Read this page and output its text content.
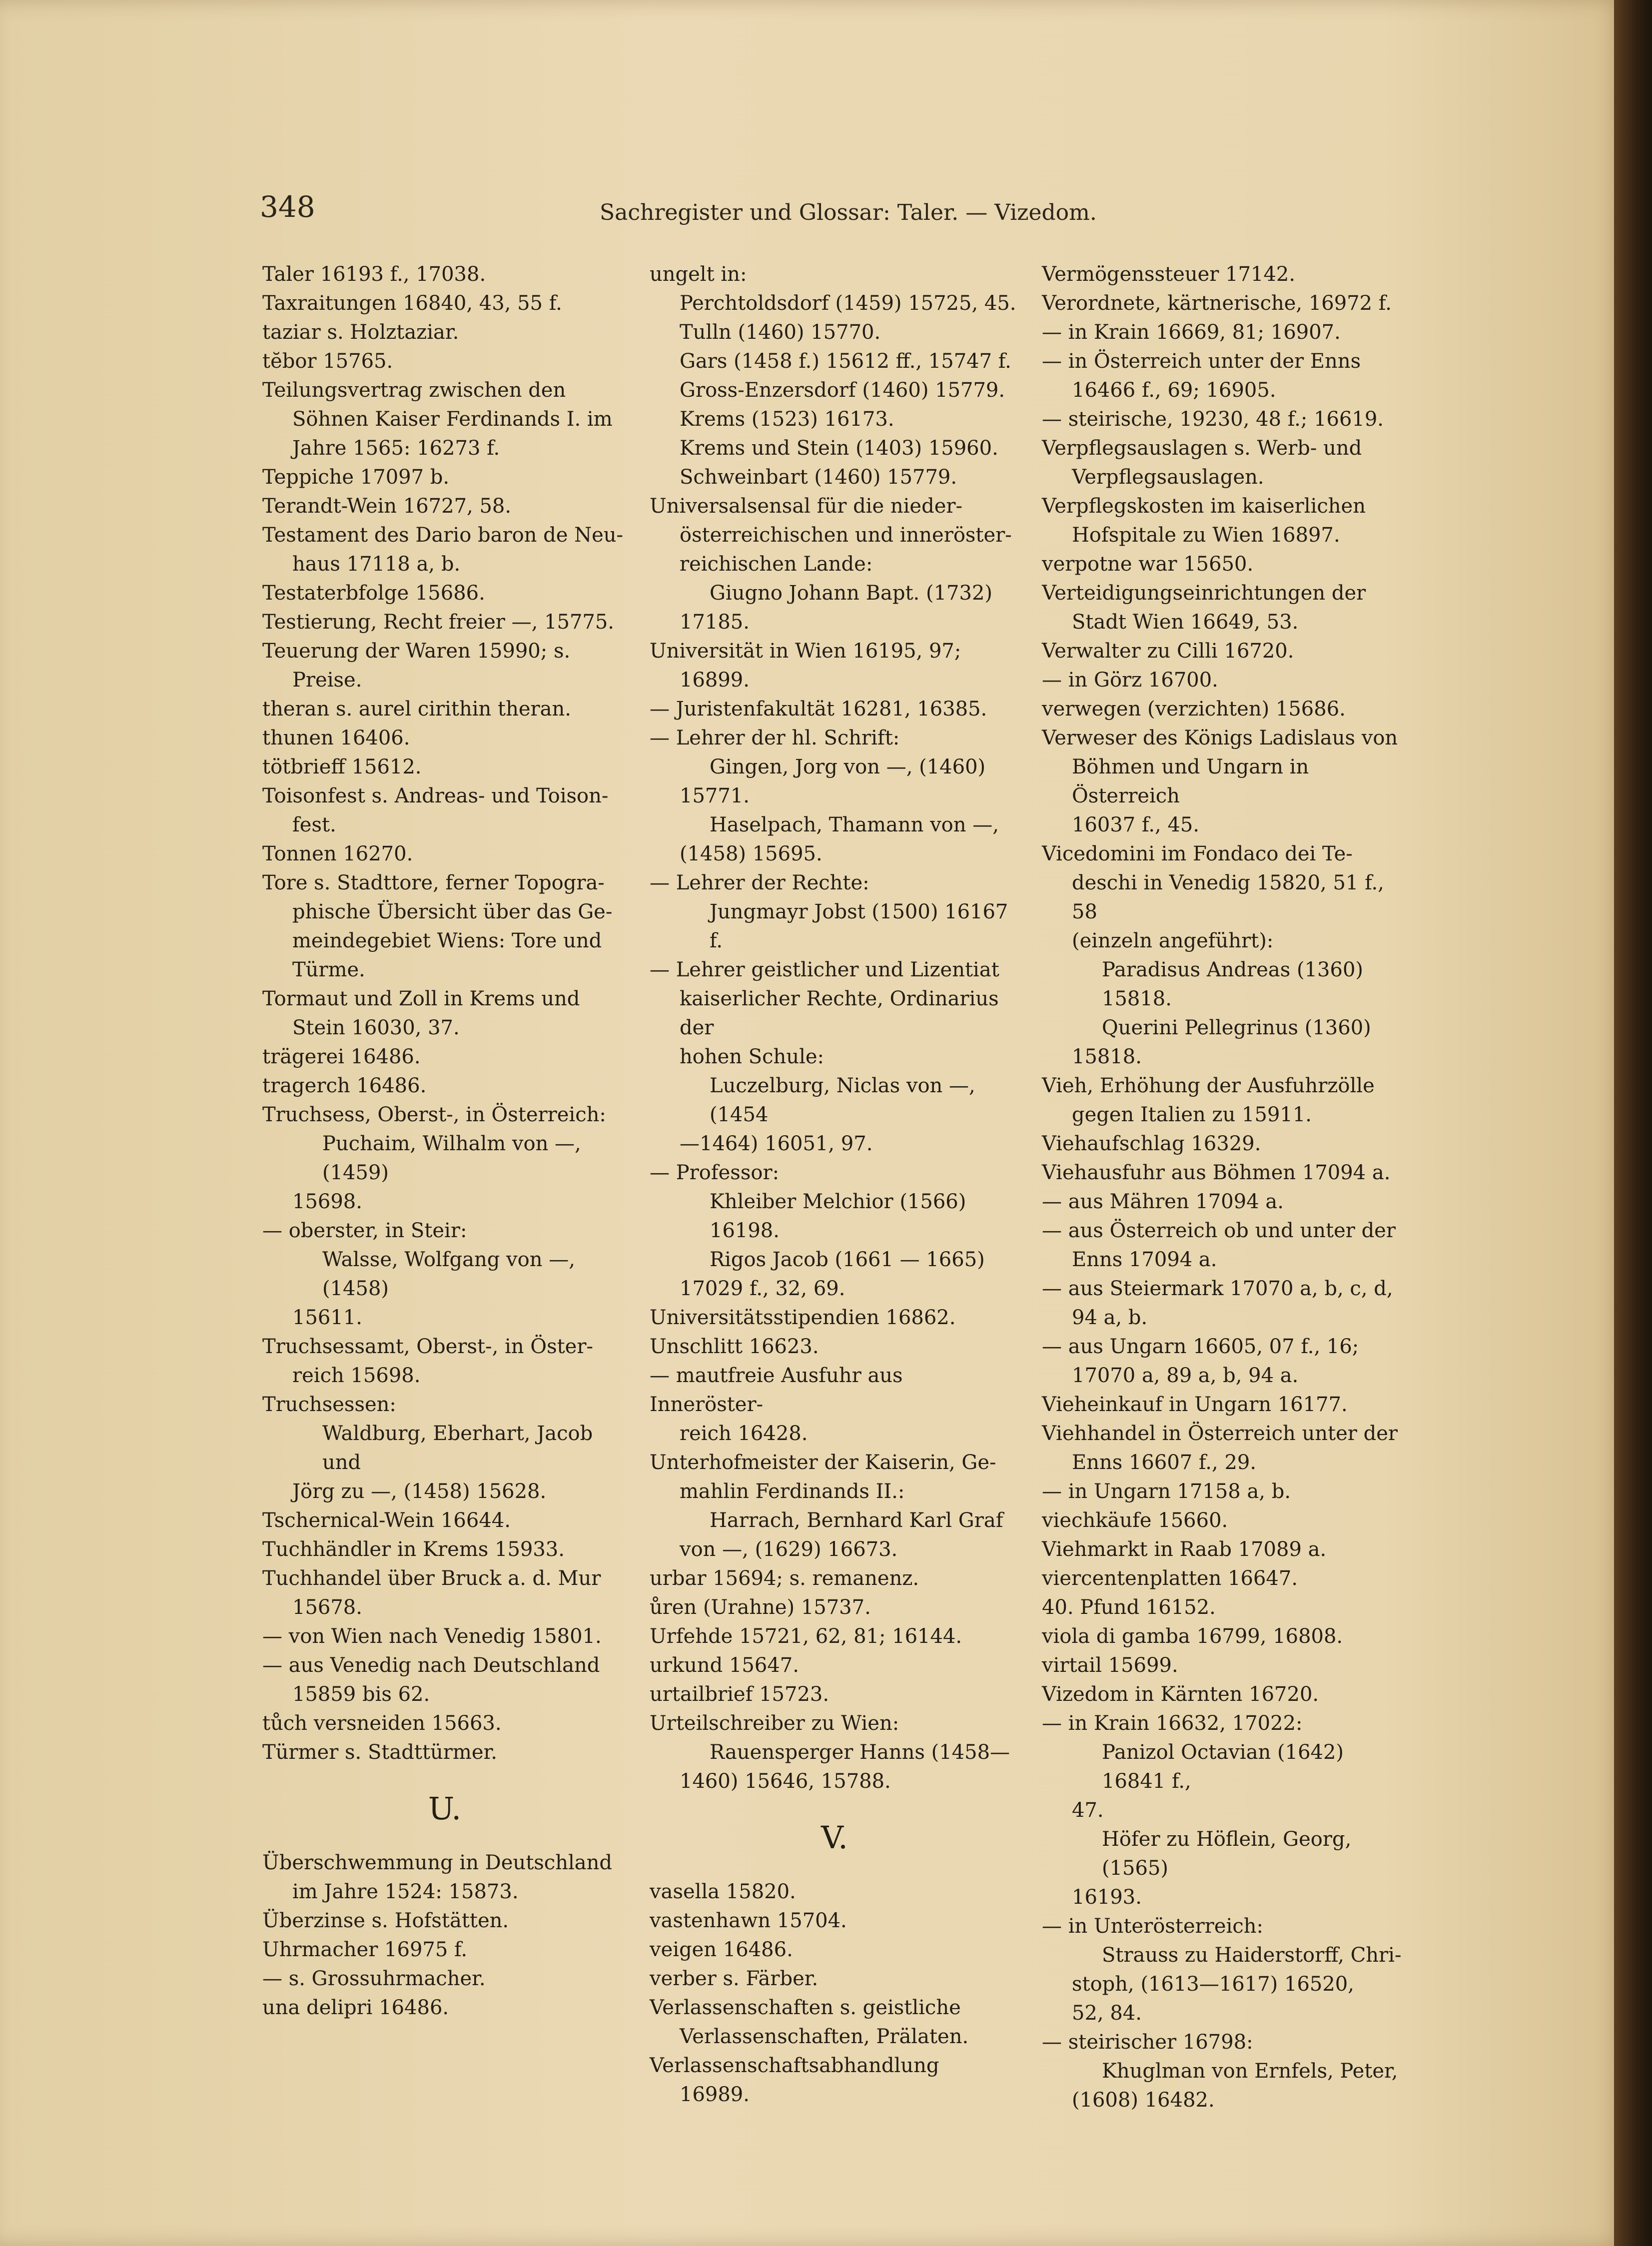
348	Sachregister und Glossar: Taler. — Vizedom.

Taler 16193 f., 17038.

Taxraitungen 16840, 43, 55 f.

taziar s. Holztaziar.

tĕbor 15765.

Teilungsvertrag zwischen den

Söhnen Kaiser Ferdinands I. im

Jahre 1565: 16273 f.

Teppiche 17097 b.

Terandt-Wein 16727, 58.

Testament des Dario baron de Neu-

haus 17118 a, b.

Testaterbfolge 15686.

Testierung, Recht freier —, 15775.

Teuerung der Waren 15990; s.

Preise.

theran s. aurel cirithin theran.

thunen 16406.

tötbrieff 15612.

Toisonfest s. Andreas- und Toison-

fest.

Tonnen 16270.

Tore s. Stadttore, ferner Topogra-

phische Übersicht über das Ge-

meindegebiet Wiens: Tore und

Türme.

Tormaut und Zoll in Krems und

Stein 16030, 37.

trägerei 16486.

tragerch 16486.

Truchsess, Oberst-, in Österreich:

Puchaim, Wilhalm von —, (1459)

15698.

— oberster, in Steir:

Walsse, Wolfgang von —, (1458)

15611.

Truchsessamt, Oberst-, in Öster-

reich 15698.

Truchsessen:

Waldburg, Eberhart, Jacob und

Jörg zu —, (1458) 15628.

Tschernical-Wein 16644.

Tuchhändler in Krems 15933.

Tuchhandel über Bruck a. d. Mur

15678.

— von Wien nach Venedig 15801.

— aus Venedig nach Deutschland

15859 bis 62.

tůch versneiden 15663.

Türmer s. Stadttürmer.

U.

Überschwemmung in Deutschland

im Jahre 1524: 15873.

Überzinse s. Hofstätten.

Uhrmacher 16975 f.

— s. Grossuhrmacher.

una delipri 16486.

ungelt in:

Perchtoldsdorf (1459) 15725, 45.

Tulln (1460) 15770.

Gars (1458 f.) 15612 ff., 15747 f.

Gross-Enzersdorf (1460) 15779.

Krems (1523) 16173.

Krems und Stein (1403) 15960.

Schweinbart (1460) 15779.

Universalsensal für die nieder-

österreichischen und inneröster-

reichischen Lande:

Giugno Johann Bapt. (1732)

17185.

Universität in Wien 16195, 97;

16899.

— Juristenfakultät 16281, 16385.

— Lehrer der hl. Schrift:

Gingen, Jorg von —, (1460)

15771.

Haselpach, Thamann von —,

(1458) 15695.

— Lehrer der Rechte:

Jungmayr Jobst (1500) 16167 f.

— Lehrer geistlicher und Lizentiat

kaiserlicher Rechte, Ordinarius der

hohen Schule:

Luczelburg, Niclas von —, (1454

—1464) 16051, 97.

— Professor:

Khleiber Melchior (1566) 16198.

Rigos Jacob (1661 — 1665)

17029 f., 32, 69.

Universitätsstipendien 16862.

Unschlitt 16623.

— mautfreie Ausfuhr aus Inneröster-

reich 16428.

Unterhofmeister der Kaiserin, Ge-

mahlin Ferdinands II.:

Harrach, Bernhard Karl Graf

von —, (1629) 16673.

urbar 15694; s. remanenz.

ůren (Urahne) 15737.

Urfehde 15721, 62, 81; 16144.

urkund 15647.

urtailbrief 15723.

Urteilschreiber zu Wien:

Rauensperger Hanns (1458—

1460) 15646, 15788.

V.

vasella 15820.

vastenhawn 15704.

veigen 16486.

verber s. Färber.

Verlassenschaften s. geistliche

Verlassenschaften, Prälaten.

Verlassenschaftsabhandlung

16989.

Vermögenssteuer 17142.

Verordnete, kärtnerische, 16972 f.

— in Krain 16669, 81; 16907.

— in Österreich unter der Enns

16466 f., 69; 16905.

— steirische, 19230, 48 f.; 16619.

Verpflegsauslagen s. Werb- und

Verpflegsauslagen.

Verpflegskosten im kaiserlichen

Hofspitale zu Wien 16897.

verpotne war 15650.

Verteidigungseinrichtungen der

Stadt Wien 16649, 53.

Verwalter zu Cilli 16720.

— in Görz 16700.

verwegen (verzichten) 15686.

Verweser des Königs Ladislaus von

Böhmen und Ungarn in Österreich

16037 f., 45.

Vicedomini im Fondaco dei Te-

deschi in Venedig 15820, 51 f., 58

(einzeln angeführt):

Paradisus Andreas (1360) 15818.

Querini Pellegrinus (1360)

15818.

Vieh, Erhöhung der Ausfuhrzölle

gegen Italien zu 15911.

Viehaufschlag 16329.

Viehausfuhr aus Böhmen 17094 a.

— aus Mähren 17094 a.

— aus Österreich ob und unter der

Enns 17094 a.

— aus Steiermark 17070 a, b, c, d,

94 a, b.

— aus Ungarn 16605, 07 f., 16;

17070 a, 89 a, b, 94 a.

Vieheinkauf in Ungarn 16177.

Viehhandel in Österreich unter der

Enns 16607 f., 29.

— in Ungarn 17158 a, b.

viechkäufe 15660.

Viehmarkt in Raab 17089 a.

viercentenplatten 16647.

40. Pfund 16152.

viola di gamba 16799, 16808.

virtail 15699.

Vizedom in Kärnten 16720.

— in Krain 16632, 17022:

Panizol Octavian (1642) 16841 f.,

47.

Höfer zu Höflein, Georg, (1565)

16193.

— in Unterösterreich:

Strauss zu Haiderstorff, Chri-

stoph, (1613—1617) 16520,

52, 84.

— steirischer 16798:

Khuglman von Ernfels, Peter,

(1608) 16482.
